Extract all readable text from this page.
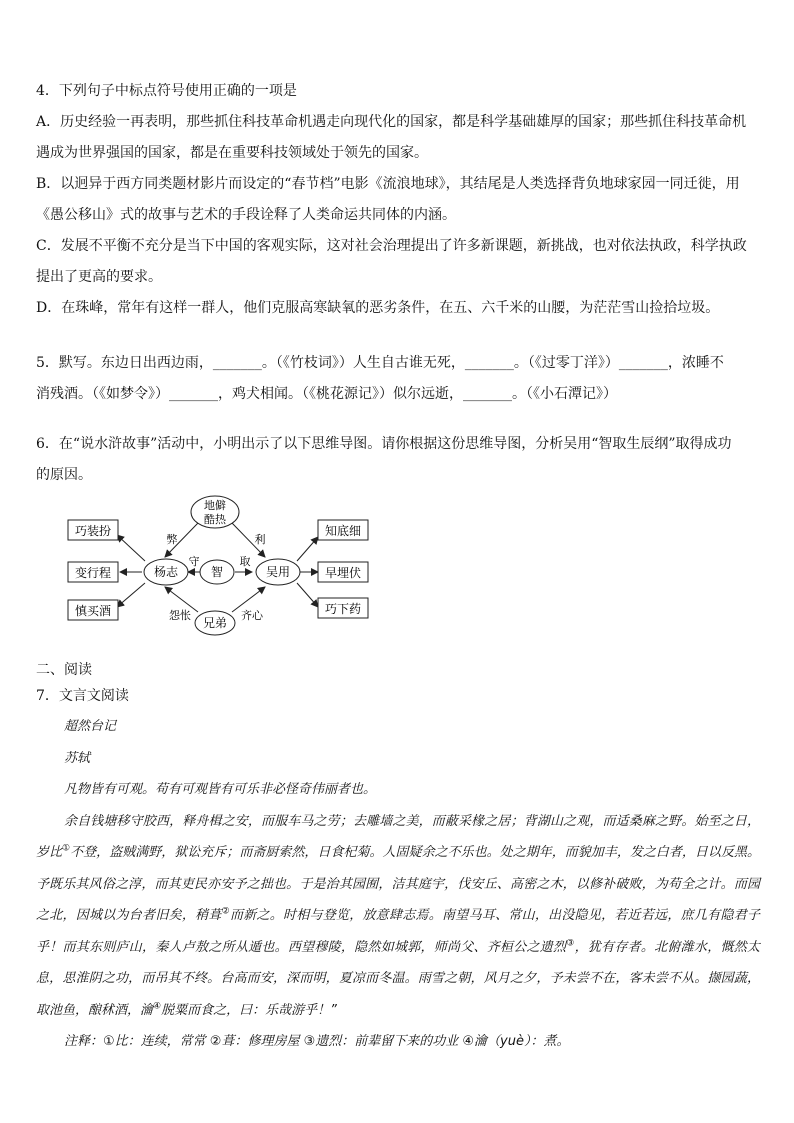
4．下列句子中标点符号使用正确的一项是

A．历史经验一再表明，那些抓住科技革命机遇走向现代化的国家，都是科学基础雄厚的国家；那些抓住科技革命机

遇成为世界强国的国家，都是在重要科技领域处于领先的国家。

B．以迥异于西方同类题材影片而设定的“春节档”电影《流浪地球》，其结尾是人类选择背负地球家园一同迁徙，用

《愚公移山》式的故事与艺术的手段诠释了人类命运共同体的内涵。

C．发展不平衡不充分是当下中国的客观实际，这对社会治理提出了许多新课题，新挑战，也对依法执政，科学执政

提出了更高的要求。

D．在珠峰，常年有这样一群人，他们克服高寒缺氧的恶劣条件，在五、六千米的山腰，为茫茫雪山捡拾垃圾。

5．默写。东边日出西边雨，_______。（《竹枝词》）人生自古谁无死，_______。（《过零丁洋》）_______，浓睡不

消残酒。（《如梦令》）_______，鸡犬相闻。（《桃花源记》）似尔远逝，_______。（《小石潭记》）

6．在“说水浒故事”活动中，小明出示了以下思维导图。请你根据这份思维导图，分析吴用“智取生辰纲”取得成功

的原因。

巧装扮
变行程
慎买酒
知底细
早埋伏
巧下药
地僻
酷热
杨志	智	吴用
兄弟
弊	利
守	取
怨怅	齐心
二、阅读
7．文言文阅读

超然台记

苏轼

凡物皆有可观。苟有可观皆有可乐非必怪奇伟丽者也。

余自钱塘移守胶西，释舟楫之安，而服车马之劳；去雕墙之美，而蔽采椽之居；背湖山之观，而适桑麻之野。始至之日，岁比①不登，盗贼满野，狱讼充斥；而斋厨索然，日食杞菊。人固疑余之不乐也。处之期年，而貌加丰，发之白者，日以反黑。予既乐其风俗之淳，而其吏民亦安予之拙也。于是治其园囿，洁其庭宇，伐安丘、高密之木，以修补破败，为苟全之计。而园之北，因城以为台者旧矣，稍葺②而新之。时相与登览，放意肆志焉。南望马耳、常山，出没隐见，若近若远，庶几有隐君子乎！而其东则庐山，秦人卢敖之所从遁也。西望穆陵，隐然如城郭，师尚父、齐桓公之遗烈③，犹有存者。北俯潍水，慨然太息，思淮阴之功，而吊其不终。台高而安，深而明，夏凉而冬温。雨雪之朝，风月之夕，予未尝不在，客未尝不从。撷园蔬，取池鱼，酿秫酒，瀹④脱粟而食之，曰：乐哉游乎！”

注释：①比：连续，常常 ②葺：修理房屋 ③遗烈：前辈留下来的功业 ④瀹（yuè）：煮。
